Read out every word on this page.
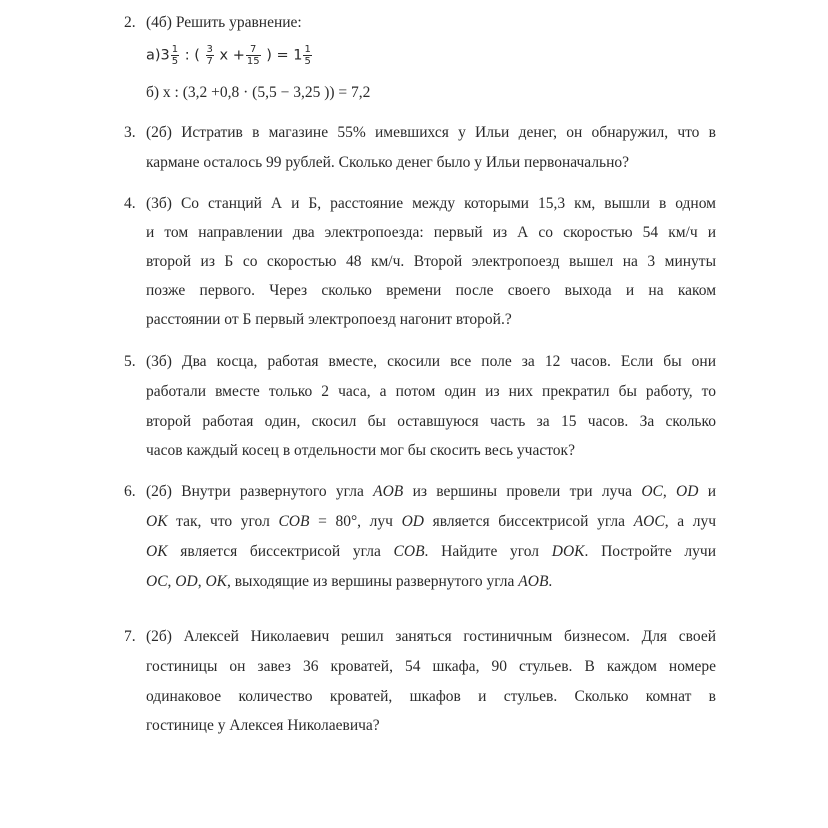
2. (4б) Решить уравнение:
$а)3 \frac{1}{5}$ : ( $\frac{3}{7}$ $x + \frac{7}{15}$ ) = $1 \frac{1}{5}$
б) x : (3,2 +0,8 · (5,5 − 3,25 )) = 7,2
3. (2б) Истратив в магазине 55% имевшихся у Ильи денег, он обнаружил, что в
кармане осталось 99 рублей. Сколько денег было у Ильи первоначально?
4. (3б) Со станций А и Б, расстояние между которыми 15,3 км, вышли в одном
и том направлении два электропоезда: первый из А со скоростью 54 км/ч и
второй из Б со скоростью 48 км/ч. Второй электропоезд вышел на 3 минуты
позже первого. Через сколько времени после своего выхода и на каком
расстоянии от Б первый электропоезд нагонит второй.?
5. (3б) Два косца, работая вместе, скосили все поле за 12 часов. Если бы они
работали вместе только 2 часа, а потом один из них прекратил бы работу, то
второй работая один, скосил бы оставшуюся часть за 15 часов. За сколько
часов каждый косец в отдельности мог бы скосить весь участок?
6. (2б) Внутри развернутого угла AOB из вершины провели три луча OC, OD и
OK так, что угол COB = 80°, луч OD является биссектрисой угла AOC, а луч
OK является биссектрисой угла COB. Найдите угол DOK. Постройте лучи
OC, OD, OK, выходящие из вершины развернутого угла AOB.
7. (2б) Алексей Николаевич решил заняться гостиничным бизнесом. Для своей
гостиницы он завез 36 кроватей, 54 шкафа, 90 стульев. В каждом номере
одинаковое количество кроватей, шкафов и стульев. Сколько комнат в
гостинице у Алексея Николаевича?
